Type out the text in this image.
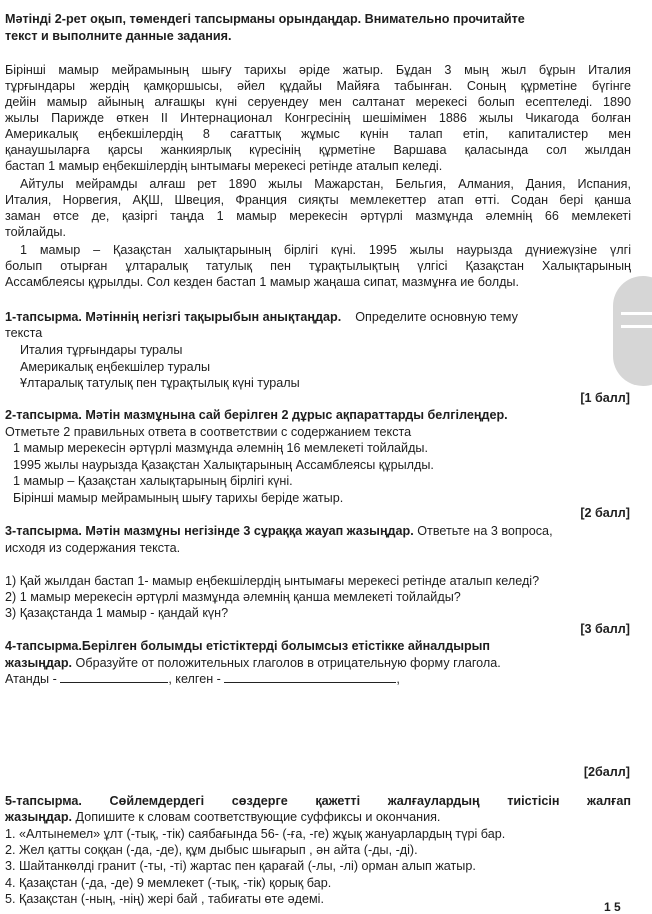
Мәтінді 2-рет оқып, төмендегі тапсырманы орындаңдар. Внимательно прочитайте
текст и выполните данные задания.
Бірінші мамыр мейрамының шығу тарихы әріде жатыр. Бұдан 3 мың жыл бұрын Италия
тұрғындары жердің қамқоршысы, әйел құдайы Майяға табынған. Соның құрметіне бүгінге
дейін мамыр айының алғашқы күні серуендеу мен салтанат мерекесі болып есептеледі. 1890
жылы Парижде өткен II Интернационал Конгресінің шешімімен 1886 жылы Чикагода болған
Америкалық еңбекшілердің 8 сағаттық жұмыс күнін талап етіп, капиталистер мен
қанаушыларға қарсы жанкиярлық күресінің құрметіне Варшава қаласында сол жылдан
бастап 1 мамыр еңбекшілердің ынтымағы мерекесі ретінде аталып келеді.
Айтулы мейрамды алғаш рет 1890 жылы Мажарстан, Бельгия, Алмания, Дания, Испания,
Италия, Норвегия, АҚШ, Швеция, Франция сияқты мемлекеттер атап өтті. Содан бері қанша
заман өтсе де, қазіргі таңда 1 мамыр мерекесін әртүрлі мазмұнда әлемнің 66 мемлекеті
тойлайды.
1 мамыр – Қазақстан халықтарының бірлігі күні. 1995 жылы наурызда дүниежүзіне үлгі
болып отырған ұлтаралық татулық пен тұрақтылықтың үлгісі Қазақстан Халықтарының
Ассамблеясы құрылды. Сол кезден бастап 1 мамыр жаңаша сипат, мазмұнға ие болды.
1-тапсырма. Мәтіннің негізгі тақырыбын анықтаңдар. Определите основную тему
текста
Италия тұрғындары туралы
Америкалық еңбекшілер туралы
Ұлтаралық татулық пен тұрақтылық күні туралы
[1 балл]
2-тапсырма. Мәтін мазмұнына сай берілген 2 дұрыс ақпараттарды белгілеңдер.
Отметьте 2 правильных ответа в соответствии с содержанием текста
1 мамыр мерекесін әртүрлі мазмұнда әлемнің 16 мемлекеті тойлайды.
1995 жылы наурызда Қазақстан Халықтарының Ассамблеясы құрылды.
1 мамыр – Қазақстан халықтарының бірлігі күні.
Бірінші мамыр мейрамының шығу тарихы беріде жатыр.
[2 балл]
3-тапсырма. Мәтін мазмұны негізінде 3 сұраққа жауап жазыңдар. Ответьте на 3 вопроса,
исходя из содержания текста.
1) Қай жылдан бастап 1- мамыр еңбекшілердің ынтымағы мерекесі ретінде аталып келеді?
2) 1 мамыр мерекесін әртүрлі мазмұнда әлемнің қанша мемлекеті тойлайды?
3) Қазақстанда 1 мамыр - қандай күн?
[3 балл]
4-тапсырма.Берілген болымды етістіктерді болымсыз етістікке айналдырып
жазыңдар. Образуйте от положительных глаголов в отрицательную форму глагола.
Атанды -	, келген -	,
[2балл]
5-тапсырма. Сөйлемдердегі сөздерге қажетті жалғаулардың тиістісін жалғап
жазыңдар. Допишите к словам соответствующие суффиксы и окончания.
1. «Алтынемел» ұлт (-тық, -тік) саябағында 56- (-ға, -ге) жұық жануарлардың түрі бар.
2. Жел қатты соққан (-да, -де), құм дыбыс шығарып , ән айта (-ды, -ді).
3. Шайтанкөлді гранит (-ты, -ті) жартас пен қарағай (-лы, -лі) орман алып жатыр.
4. Қазақстан (-да, -де) 9 мемлекет (-тық, -тік) қорық бар.
5. Қазақстан (-ның, -нің) жері бай , табиғаты өте әдемі.
1 5
